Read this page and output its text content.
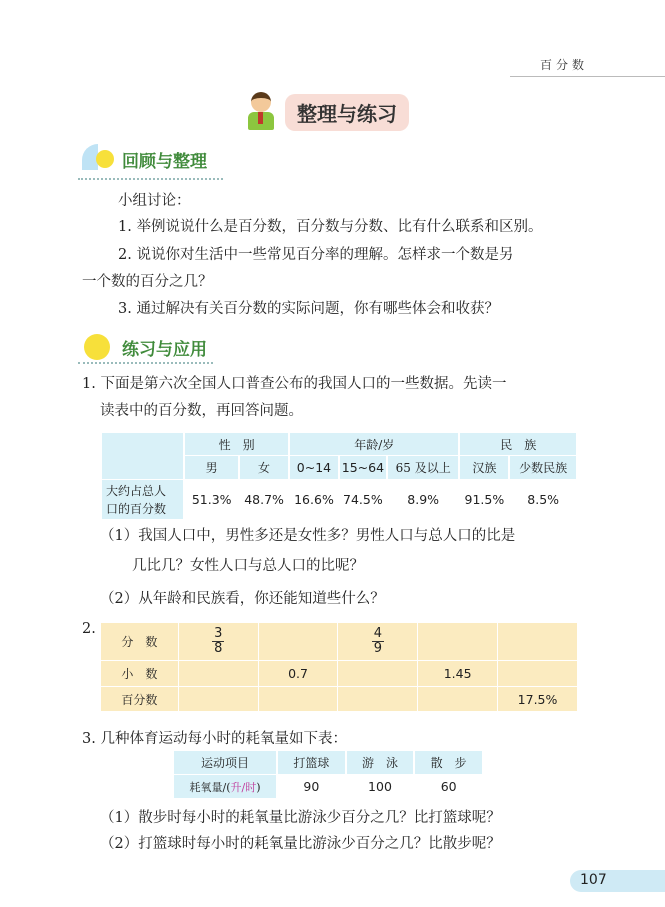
百分数
整理与练习
回顾与整理
小组讨论：
1. 举例说说什么是百分数，百分数与分数、比有什么联系和区别。
2. 说说你对生活中一些常见百分率的理解。怎样求一个数是另
一个数的百分之几？
3. 通过解决有关百分数的实际问题，你有哪些体会和收获？
练习与应用
1. 下面是第六次全国人口普查公布的我国人口的一些数据。先读一
读表中的百分数，再回答问题。
	性　别		年龄/岁			民　族	
	男	女	0~14	15~64	65 及以上	汉族	少数民族
大约占总人
口的百分数	51.3%	48.7%	16.6%	74.5%	8.9%	91.5%	8.5%
（1）我国人口中，男性多还是女性多？男性人口与总人口的比是
几比几？女性人口与总人口的比呢？
（2）从年龄和民族看，你还能知道些什么？
2.
分　数	$\frac{3}{8}$		$\frac{4}{9}$		
小　数		0.7		1.45	
百分数					17.5%
3. 几种体育运动每小时的耗氧量如下表：
运动项目	打篮球	游　泳	散　步
耗氧量/(升/时)	90	100	60
（1）散步时每小时的耗氧量比游泳少百分之几？比打篮球呢？
（2）打篮球时每小时的耗氧量比游泳少百分之几？比散步呢？
107
